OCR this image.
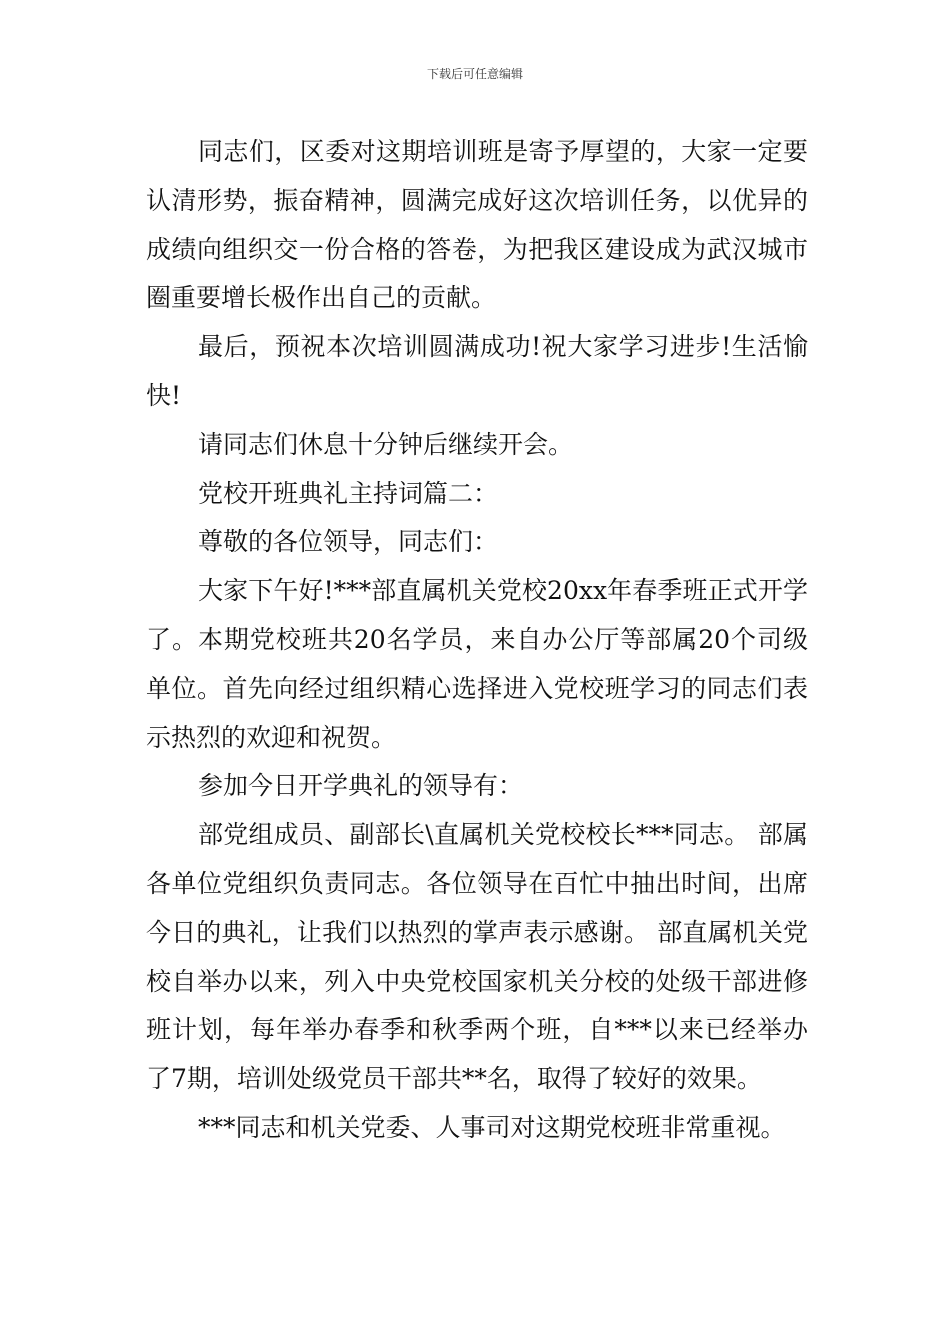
下载后可任意编辑

同志们，区委对这期培训班是寄予厚望的，大家一定要认清形势，振奋精神，圆满完成好这次培训任务，以优异的成绩向组织交一份合格的答卷，为把我区建设成为武汉城市圈重要增长极作出自己的贡献。

最后，预祝本次培训圆满成功!祝大家学习进步!生活愉快!

请同志们休息十分钟后继续开会。

党校开班典礼主持词篇二：

尊敬的各位领导，同志们：

大家下午好!***部直属机关党校20xx年春季班正式开学了。本期党校班共20名学员，来自办公厅等部属20个司级单位。首先向经过组织精心选择进入党校班学习的同志们表示热烈的欢迎和祝贺。

参加今日开学典礼的领导有：

部党组成员、副部长\直属机关党校校长***同志。 部属各单位党组织负责同志。各位领导在百忙中抽出时间，出席今日的典礼，让我们以热烈的掌声表示感谢。 部直属机关党校自举办以来，列入中央党校国家机关分校的处级干部进修班计划，每年举办春季和秋季两个班，自***以来已经举办了7期，培训处级党员干部共**名，取得了较好的效果。

***同志和机关党委、人事司对这期党校班非常重视。
